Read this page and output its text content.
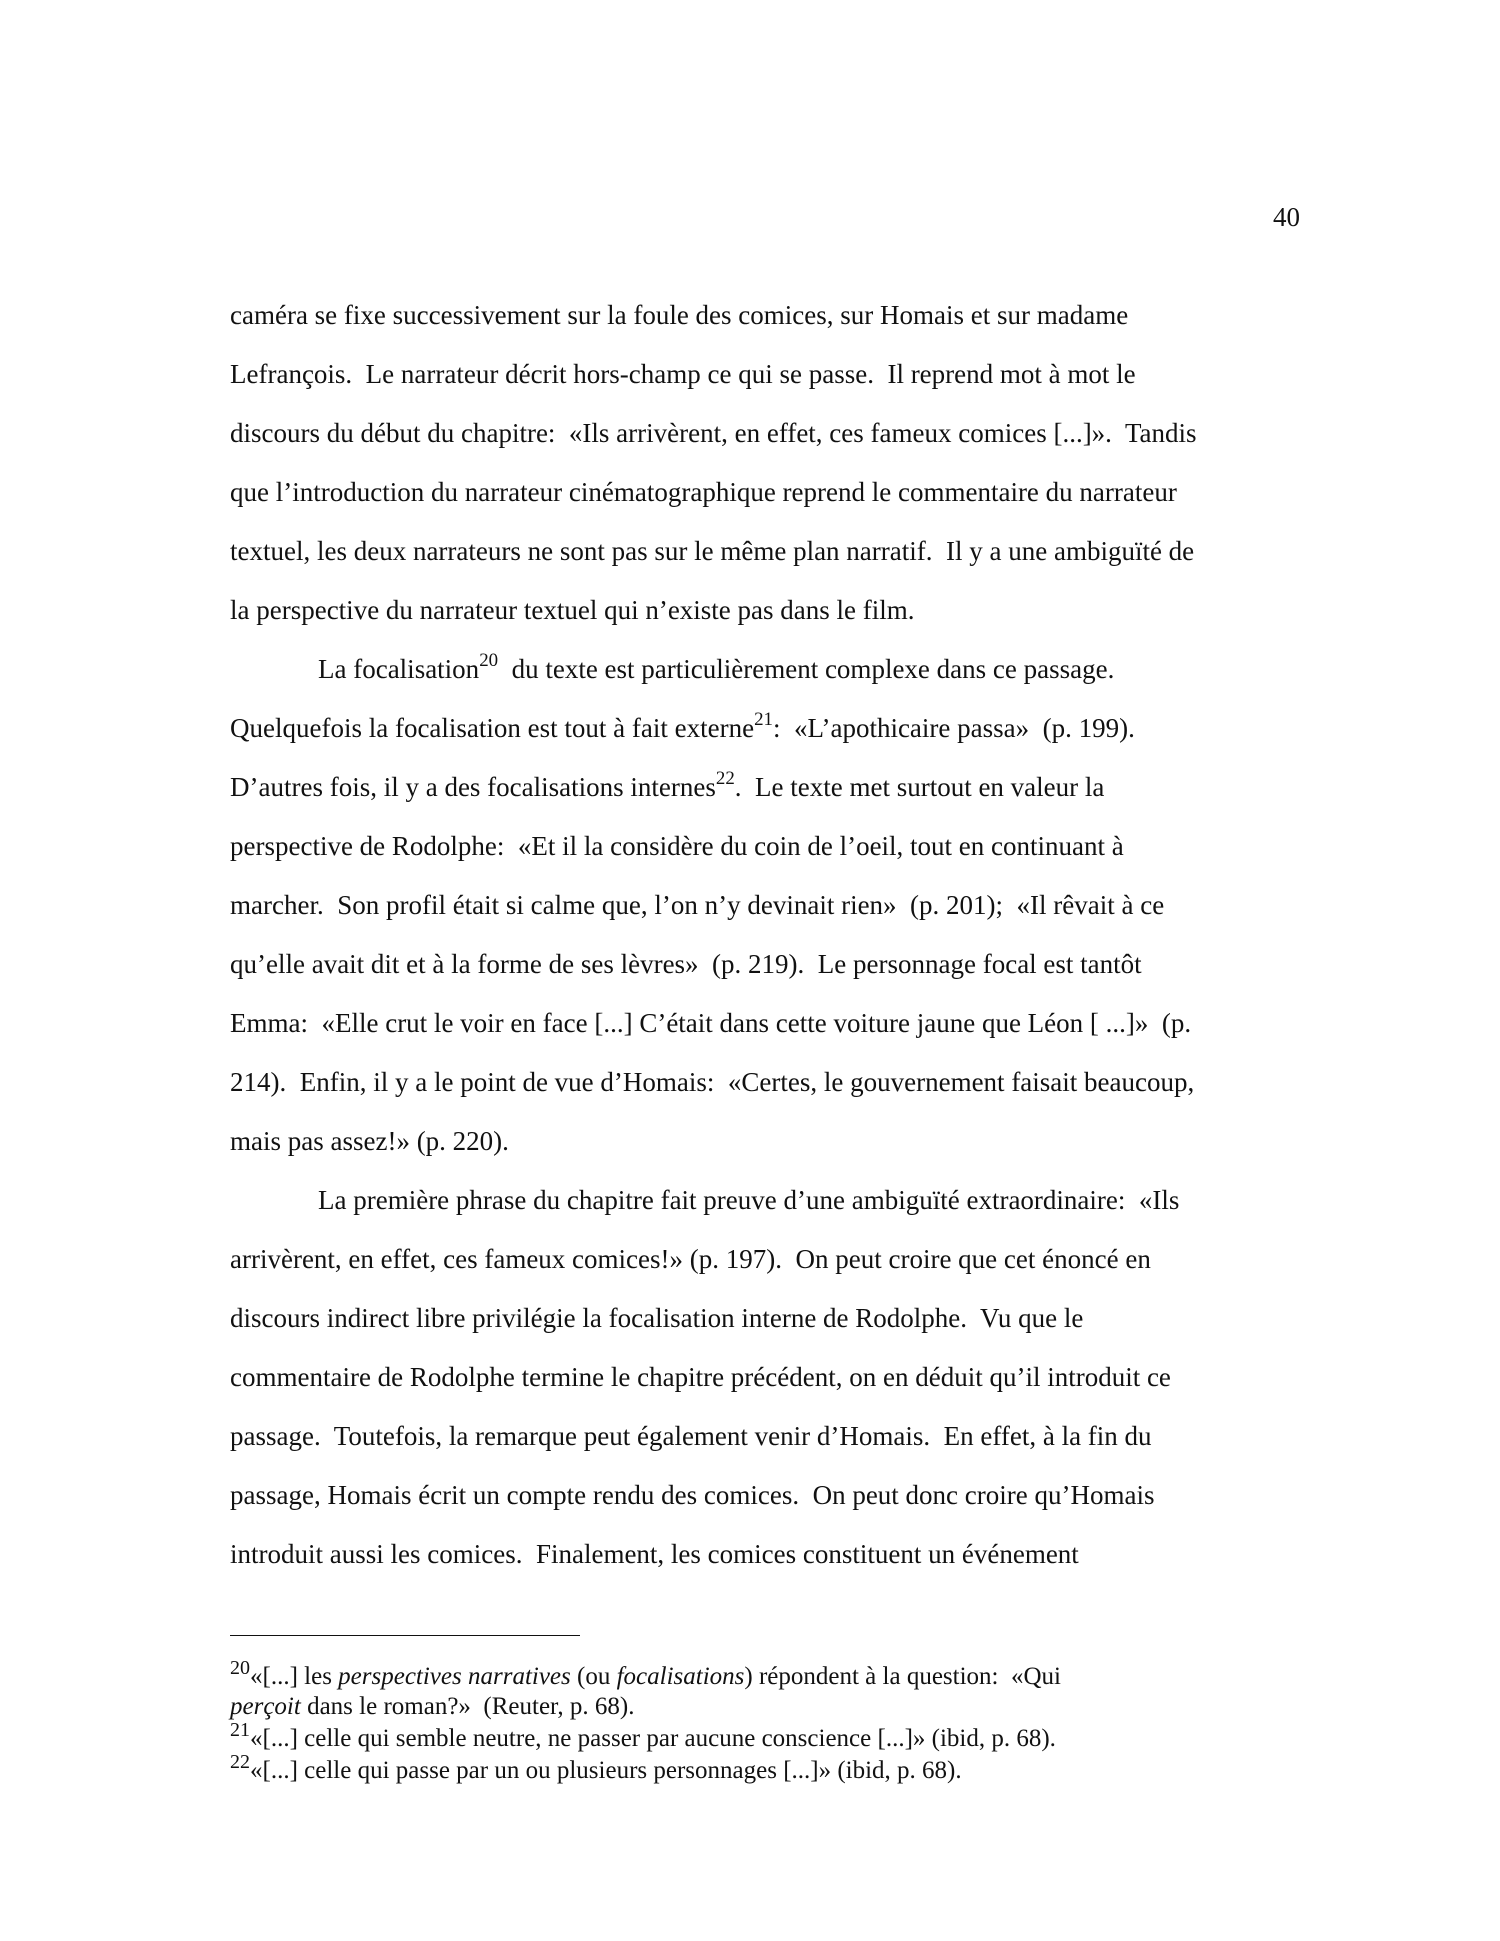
40
caméra se fixe successivement sur la foule des comices, sur Homais et sur madame
Lefrançois.  Le narrateur décrit hors-champ ce qui se passe.  Il reprend mot à mot le
discours du début du chapitre:  «Ils arrivèrent, en effet, ces fameux comices [...]».  Tandis
que l’introduction du narrateur cinématographique reprend le commentaire du narrateur
textuel, les deux narrateurs ne sont pas sur le même plan narratif.  Il y a une ambiguïté de
la perspective du narrateur textuel qui n’existe pas dans le film.
La focalisation$^{20}$  du texte est particulièrement complexe dans ce passage.
Quelquefois la focalisation est tout à fait externe$^{21}$:  «L’apothicaire passa»  (p. 199).
D’autres fois, il y a des focalisations internes$^{22}$.  Le texte met surtout en valeur la
perspective de Rodolphe:  «Et il la considère du coin de l’oeil, tout en continuant à
marcher.  Son profil était si calme que, l’on n’y devinait rien»  (p. 201);  «Il rêvait à ce
qu’elle avait dit et à la forme de ses lèvres»  (p. 219).  Le personnage focal est tantôt
Emma:  «Elle crut le voir en face [...] C’était dans cette voiture jaune que Léon [ ...]»  (p.
214).  Enfin, il y a le point de vue d’Homais:  «Certes, le gouvernement faisait beaucoup,
mais pas assez!» (p. 220).
La première phrase du chapitre fait preuve d’une ambiguïté extraordinaire:  «Ils
arrivèrent, en effet, ces fameux comices!» (p. 197).  On peut croire que cet énoncé en
discours indirect libre privilégie la focalisation interne de Rodolphe.  Vu que le
commentaire de Rodolphe termine le chapitre précédent, on en déduit qu’il introduit ce
passage.  Toutefois, la remarque peut également venir d’Homais.  En effet, à la fin du
passage, Homais écrit un compte rendu des comices.  On peut donc croire qu’Homais
introduit aussi les comices.  Finalement, les comices constituent un événement
$^{20}$«[...] les perspectives narratives (ou focalisations) répondent à la question:  «Qui
perçoit dans le roman?»  (Reuter, p. 68).
$^{21}$«[...] celle qui semble neutre, ne passer par aucune conscience [...]» (ibid, p. 68).
$^{22}$«[...] celle qui passe par un ou plusieurs personnages [...]» (ibid, p. 68).
